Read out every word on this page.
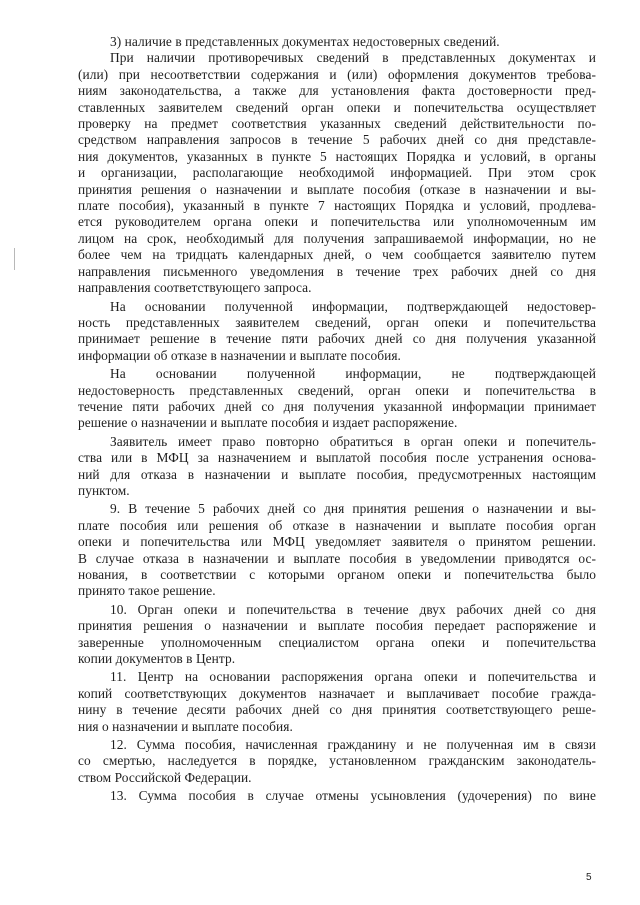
3) наличие в представленных документах недостоверных сведений.

При наличии противоречивых сведений в представленных документах и
(или) при несоответствии содержания и (или) оформления документов требова-
ниям законодательства, а также для установления факта достоверности пред-
ставленных заявителем сведений орган опеки и попечительства осуществляет
проверку на предмет соответствия указанных сведений действительности по-
средством направления запросов в течение 5 рабочих дней со дня представле-
ния документов, указанных в пункте 5 настоящих Порядка и условий, в органы
и организации, располагающие необходимой информацией. При этом срок
принятия решения о назначении и выплате пособия (отказе в назначении и вы-
плате пособия), указанный в пункте 7 настоящих Порядка и условий, продлева-
ется руководителем органа опеки и попечительства или уполномоченным им
лицом на срок, необходимый для получения запрашиваемой информации, но не
более чем на тридцать календарных дней, о чем сообщается заявителю путем
направления письменного уведомления в течение трех рабочих дней со дня
направления соответствующего запроса.

На основании полученной информации, подтверждающей недостовер-
ность представленных заявителем сведений, орган опеки и попечительства
принимает решение в течение пяти рабочих дней со дня получения указанной
информации об отказе в назначении и выплате пособия.

На основании полученной информации, не подтверждающей
недостоверность представленных сведений, орган опеки и попечительства в
течение пяти рабочих дней со дня получения указанной информации принимает
решение о назначении и выплате пособия и издает распоряжение.

Заявитель имеет право повторно обратиться в орган опеки и попечитель-
ства или в МФЦ за назначением и выплатой пособия после устранения основа-
ний для отказа в назначении и выплате пособия, предусмотренных настоящим
пунктом.

9. В течение 5 рабочих дней со дня принятия решения о назначении и вы-
плате пособия или решения об отказе в назначении и выплате пособия орган
опеки и попечительства или МФЦ уведомляет заявителя о принятом решении.
В случае отказа в назначении и выплате пособия в уведомлении приводятся ос-
нования, в соответствии с которыми органом опеки и попечительства было
принято такое решение.

10. Орган опеки и попечительства в течение двух рабочих дней со дня
принятия решения о назначении и выплате пособия передает распоряжение и
заверенные уполномоченным специалистом органа опеки и попечительства
копии документов в Центр.

11. Центр на основании распоряжения органа опеки и попечительства и
копий соответствующих документов назначает и выплачивает пособие гражда-
нину в течение десяти рабочих дней со дня принятия соответствующего реше-
ния о назначении и выплате пособия.

12. Сумма пособия, начисленная гражданину и не полученная им в связи
со смертью, наследуется в порядке, установленном гражданским законодатель-
ством Российской Федерации.

13. Сумма пособия в случае отмены усыновления (удочерения) по вине

5
